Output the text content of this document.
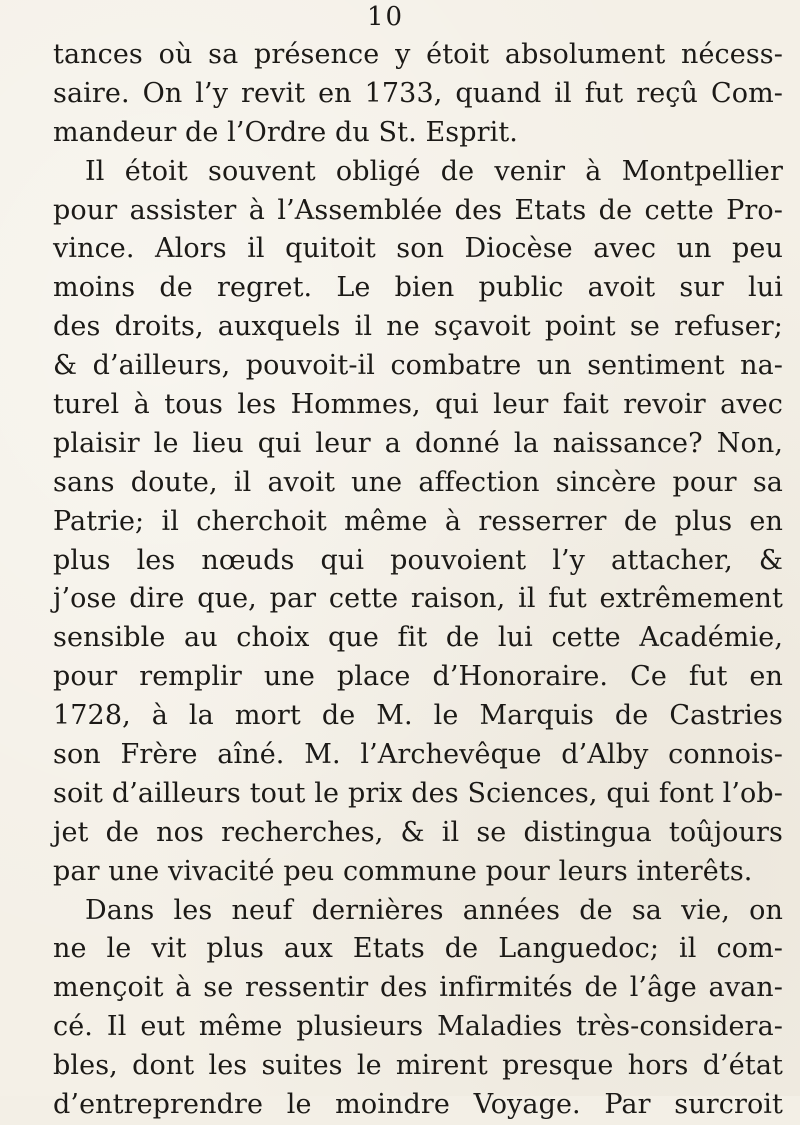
10
tances où sa présence y étoit absolument nécess-
saire. On l’y revit en 1733, quand il fut reçû Com-
mandeur de l’Ordre du St. Esprit.
Il étoit souvent obligé de venir à Montpellier
pour assister à l’Assemblée des Etats de cette Pro-
vince. Alors il quitoit son Diocèse avec un peu
moins de regret. Le bien public avoit sur lui
des droits, auxquels il ne sçavoit point se refuser;
& d’ailleurs, pouvoit-il combatre un sentiment na-
turel à tous les Hommes, qui leur fait revoir avec
plaisir le lieu qui leur a donné la naissance? Non,
sans doute, il avoit une affection sincère pour sa
Patrie; il cherchoit même à resserrer de plus en
plus les nœuds qui pouvoient l’y attacher, &
j’ose dire que, par cette raison, il fut extrêmement
sensible au choix que fit de lui cette Académie,
pour remplir une place d’Honoraire. Ce fut en
1728, à la mort de M. le Marquis de Castries
son Frère aîné. M. l’Archevêque d’Alby connois-
soit d’ailleurs tout le prix des Sciences, qui font l’ob-
jet de nos recherches, & il se distingua toûjours
par une vivacité peu commune pour leurs interêts.
Dans les neuf dernières années de sa vie, on
ne le vit plus aux Etats de Languedoc; il com-
mençoit à se ressentir des infirmités de l’âge avan-
cé. Il eut même plusieurs Maladies très-considera-
bles, dont les suites le mirent presque hors d’état
d’entreprendre le moindre Voyage. Par surcroit
